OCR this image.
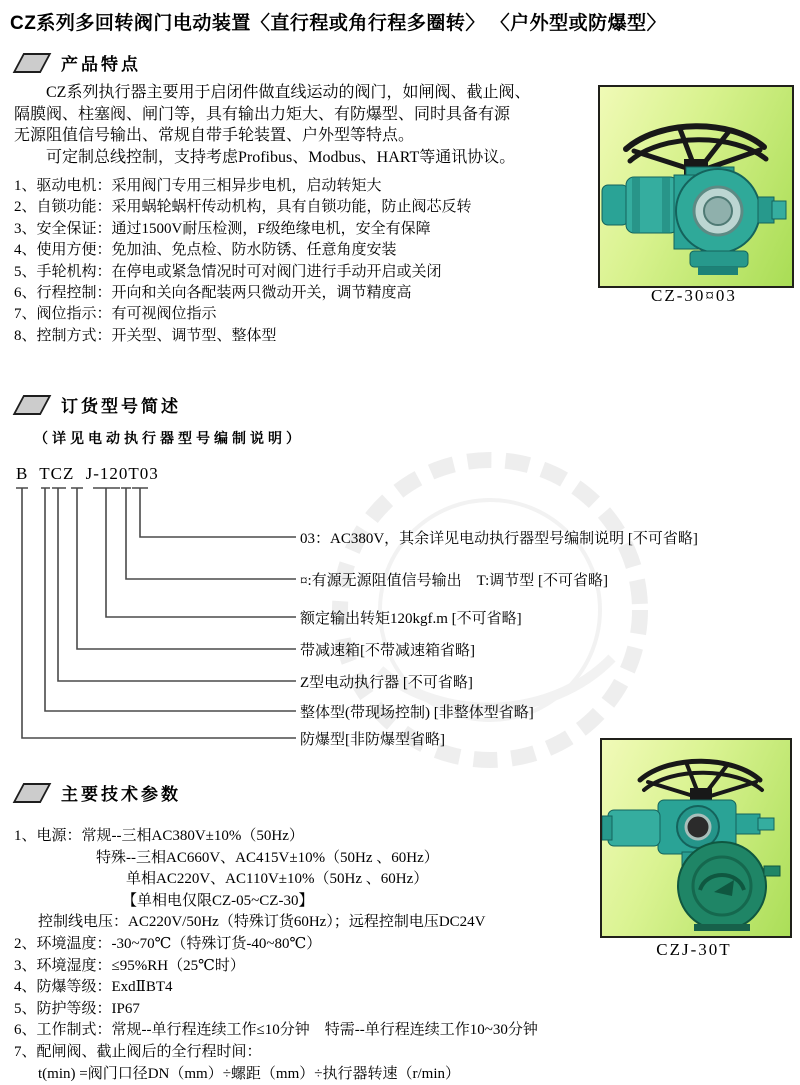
CZ系列多回转阀门电动装置〈直行程或角行程多圈转〉 〈户外型或防爆型〉
产品特点
CZ系列执行器主要用于启闭件做直线运动的阀门，如闸阀、截止阀、
隔膜阀、柱塞阀、闸门等，具有输出力矩大、有防爆型、同时具备有源
无源阻值信号输出、常规自带手轮装置、户外型等特点。
可定制总线控制，支持考虑Profibus、Modbus、HART等通讯协议。
1、驱动电机：采用阀门专用三相异步电机，启动转矩大
2、自锁功能：采用蜗轮蜗杆传动机构，具有自锁功能，防止阀芯反转
3、安全保证：通过1500V耐压检测，F级绝缘电机，安全有保障
4、使用方便：免加油、免点检、防水防锈、任意角度安装
5、手轮机构：在停电或紧急情况时可对阀门进行手动开启或关闭
6、行程控制：开向和关向各配装两只微动开关，调节精度高
7、阀位指示：有可视阀位指示
8、控制方式：开关型、调节型、整体型
CZ-30¤03
订货型号简述
（详见电动执行器型号编制说明）
B TCZ J-120T03
03：AC380V，其余详见电动执行器型号编制说明 [不可省略]
¤:有源无源阻值信号输出    T:调节型 [不可省略]
额定输出转矩120kgf.m [不可省略]
带减速箱[不带减速箱省略]
Z型电动执行器 [不可省略]
整体型(带现场控制) [非整体型省略]
防爆型[非防爆型省略]
主要技术参数
1、电源：常规--三相AC380V±10%（50Hz）
特殊--三相AC660V、AC415V±10%（50Hz 、60Hz）
单相AC220V、AC110V±10%（50Hz 、60Hz）
【单相电仅限CZ-05~CZ-30】
控制线电压：AC220V/50Hz（特殊订货60Hz）；远程控制电压DC24V
2、环境温度：-30~70℃（特殊订货-40~80℃）
3、环境湿度：≤95%RH（25℃时）
4、防爆等级：ExdⅡBT4
5、防护等级：IP67
6、工作制式：常规--单行程连续工作≤10分钟    特需--单行程连续工作10~30分钟
7、配闸阀、截止阀后的全行程时间：
t(min) =阀门口径DN（mm）÷螺距（mm）÷执行器转速（r/min）
CZJ-30T
